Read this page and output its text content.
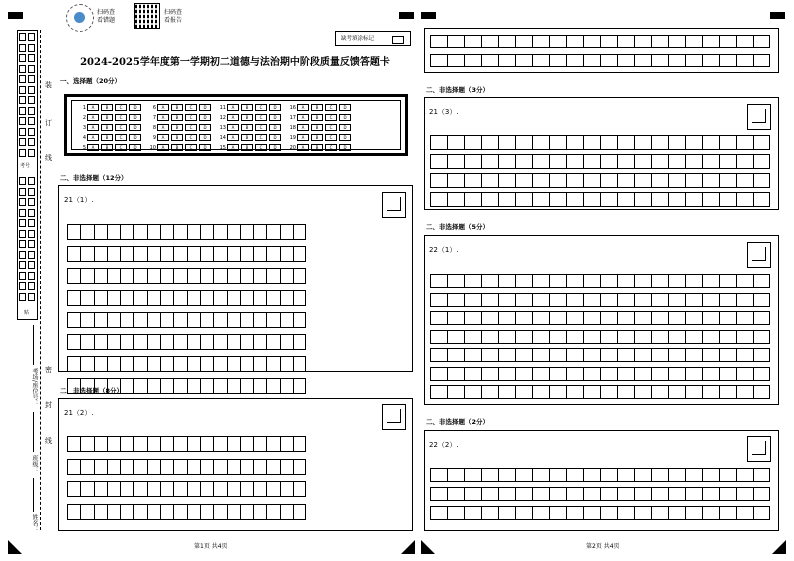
扫码查
看错题
扫码查
看报告
2024-2025学年度第一学期初二道德与法治期中阶段质量反馈答题卡
缺考填涂标记
考号
贴
装
订
线
密
封
线
考场/座位号：
班级：
姓名：
一、选择题（20分）
1	A	B	C	D
2	A	B	C	D
3	A	B	C	D
4	A	B	C	D
5	A	B	C	D
6	A	B	C	D
7	A	B	C	D
8	A	B	C	D
9	A	B	C	D
10	A	B	C	D
11	A	B	C	D
12	A	B	C	D
13	A	B	C	D
14	A	B	C	D
15	A	B	C	D
16	A	B	C	D
17	A	B	C	D
18	A	B	C	D
19	A	B	C	D
20	A	B	C	D
二、非选择题（12分）
21（1）.
二、非选择题（8分）
21（2）.
第1页 共4页
二、非选择题（3分）
21（3）.
二、非选择题（5分）
22（1）.
二、非选择题（2分）
22（2）.
第2页 共4页
